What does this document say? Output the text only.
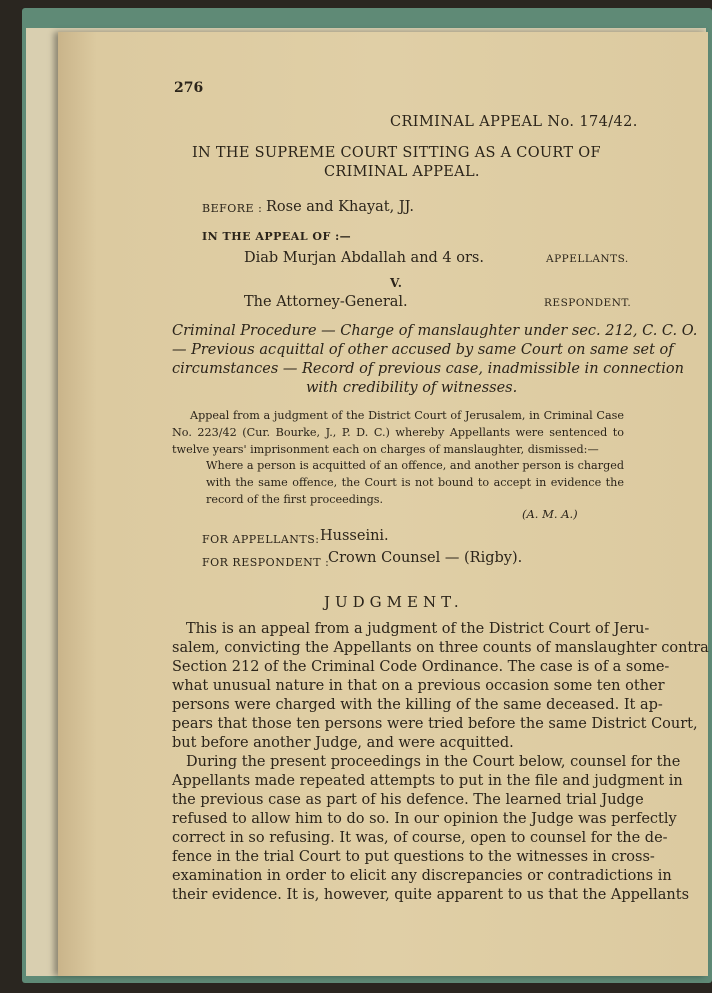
276
CRIMINAL APPEAL No. 174/42.
IN THE SUPREME COURT SITTING AS A COURT OF
CRIMINAL APPEAL.
BEFORE : Rose and Khayat, JJ.
IN THE APPEAL OF :—
Diab Murjan Abdallah and 4 ors.	APPELLANTS.
V.
The Attorney-General.	RESPONDENT.
Criminal Procedure — Charge of manslaughter under sec. 212, C. C. O.
— Previous acquittal of other accused by same Court on same set of
circumstances — Record of previous case, inadmissible in connection
with credibility of witnesses.
Appeal from a judgment of the District Court of Jerusalem, in Criminal Case
No. 223/42 (Cur. Bourke, J., P. D. C.) whereby Appellants were sentenced to
twelve years' imprisonment each on charges of manslaughter, dismissed:—
Where a person is acquitted of an offence, and another person is charged
with the same offence, the Court is not bound to accept in evidence the
record of the first proceedings.
(A. M. A.)
FOR APPELLANTS: Husseini.
FOR RESPONDENT :
Crown Counsel — (Rigby).
JUDGMENT.
This is an appeal from a judgment of the District Court of Jeru-
salem, convicting the Appellants on three counts of manslaughter contra
Section 212 of the Criminal Code Ordinance. The case is of a some-
what unusual nature in that on a previous occasion some ten other
persons were charged with the killing of the same deceased. It ap-
pears that those ten persons were tried before the same District Court,
but before another Judge, and were acquitted.
During the present proceedings in the Court below, counsel for the
Appellants made repeated attempts to put in the file and judgment in
the previous case as part of his defence. The learned trial Judge
refused to allow him to do so. In our opinion the Judge was perfectly
correct in so refusing. It was, of course, open to counsel for the de-
fence in the trial Court to put questions to the witnesses in cross-
examination in order to elicit any discrepancies or contradictions in
their evidence. It is, however, quite apparent to us that the Appellants
